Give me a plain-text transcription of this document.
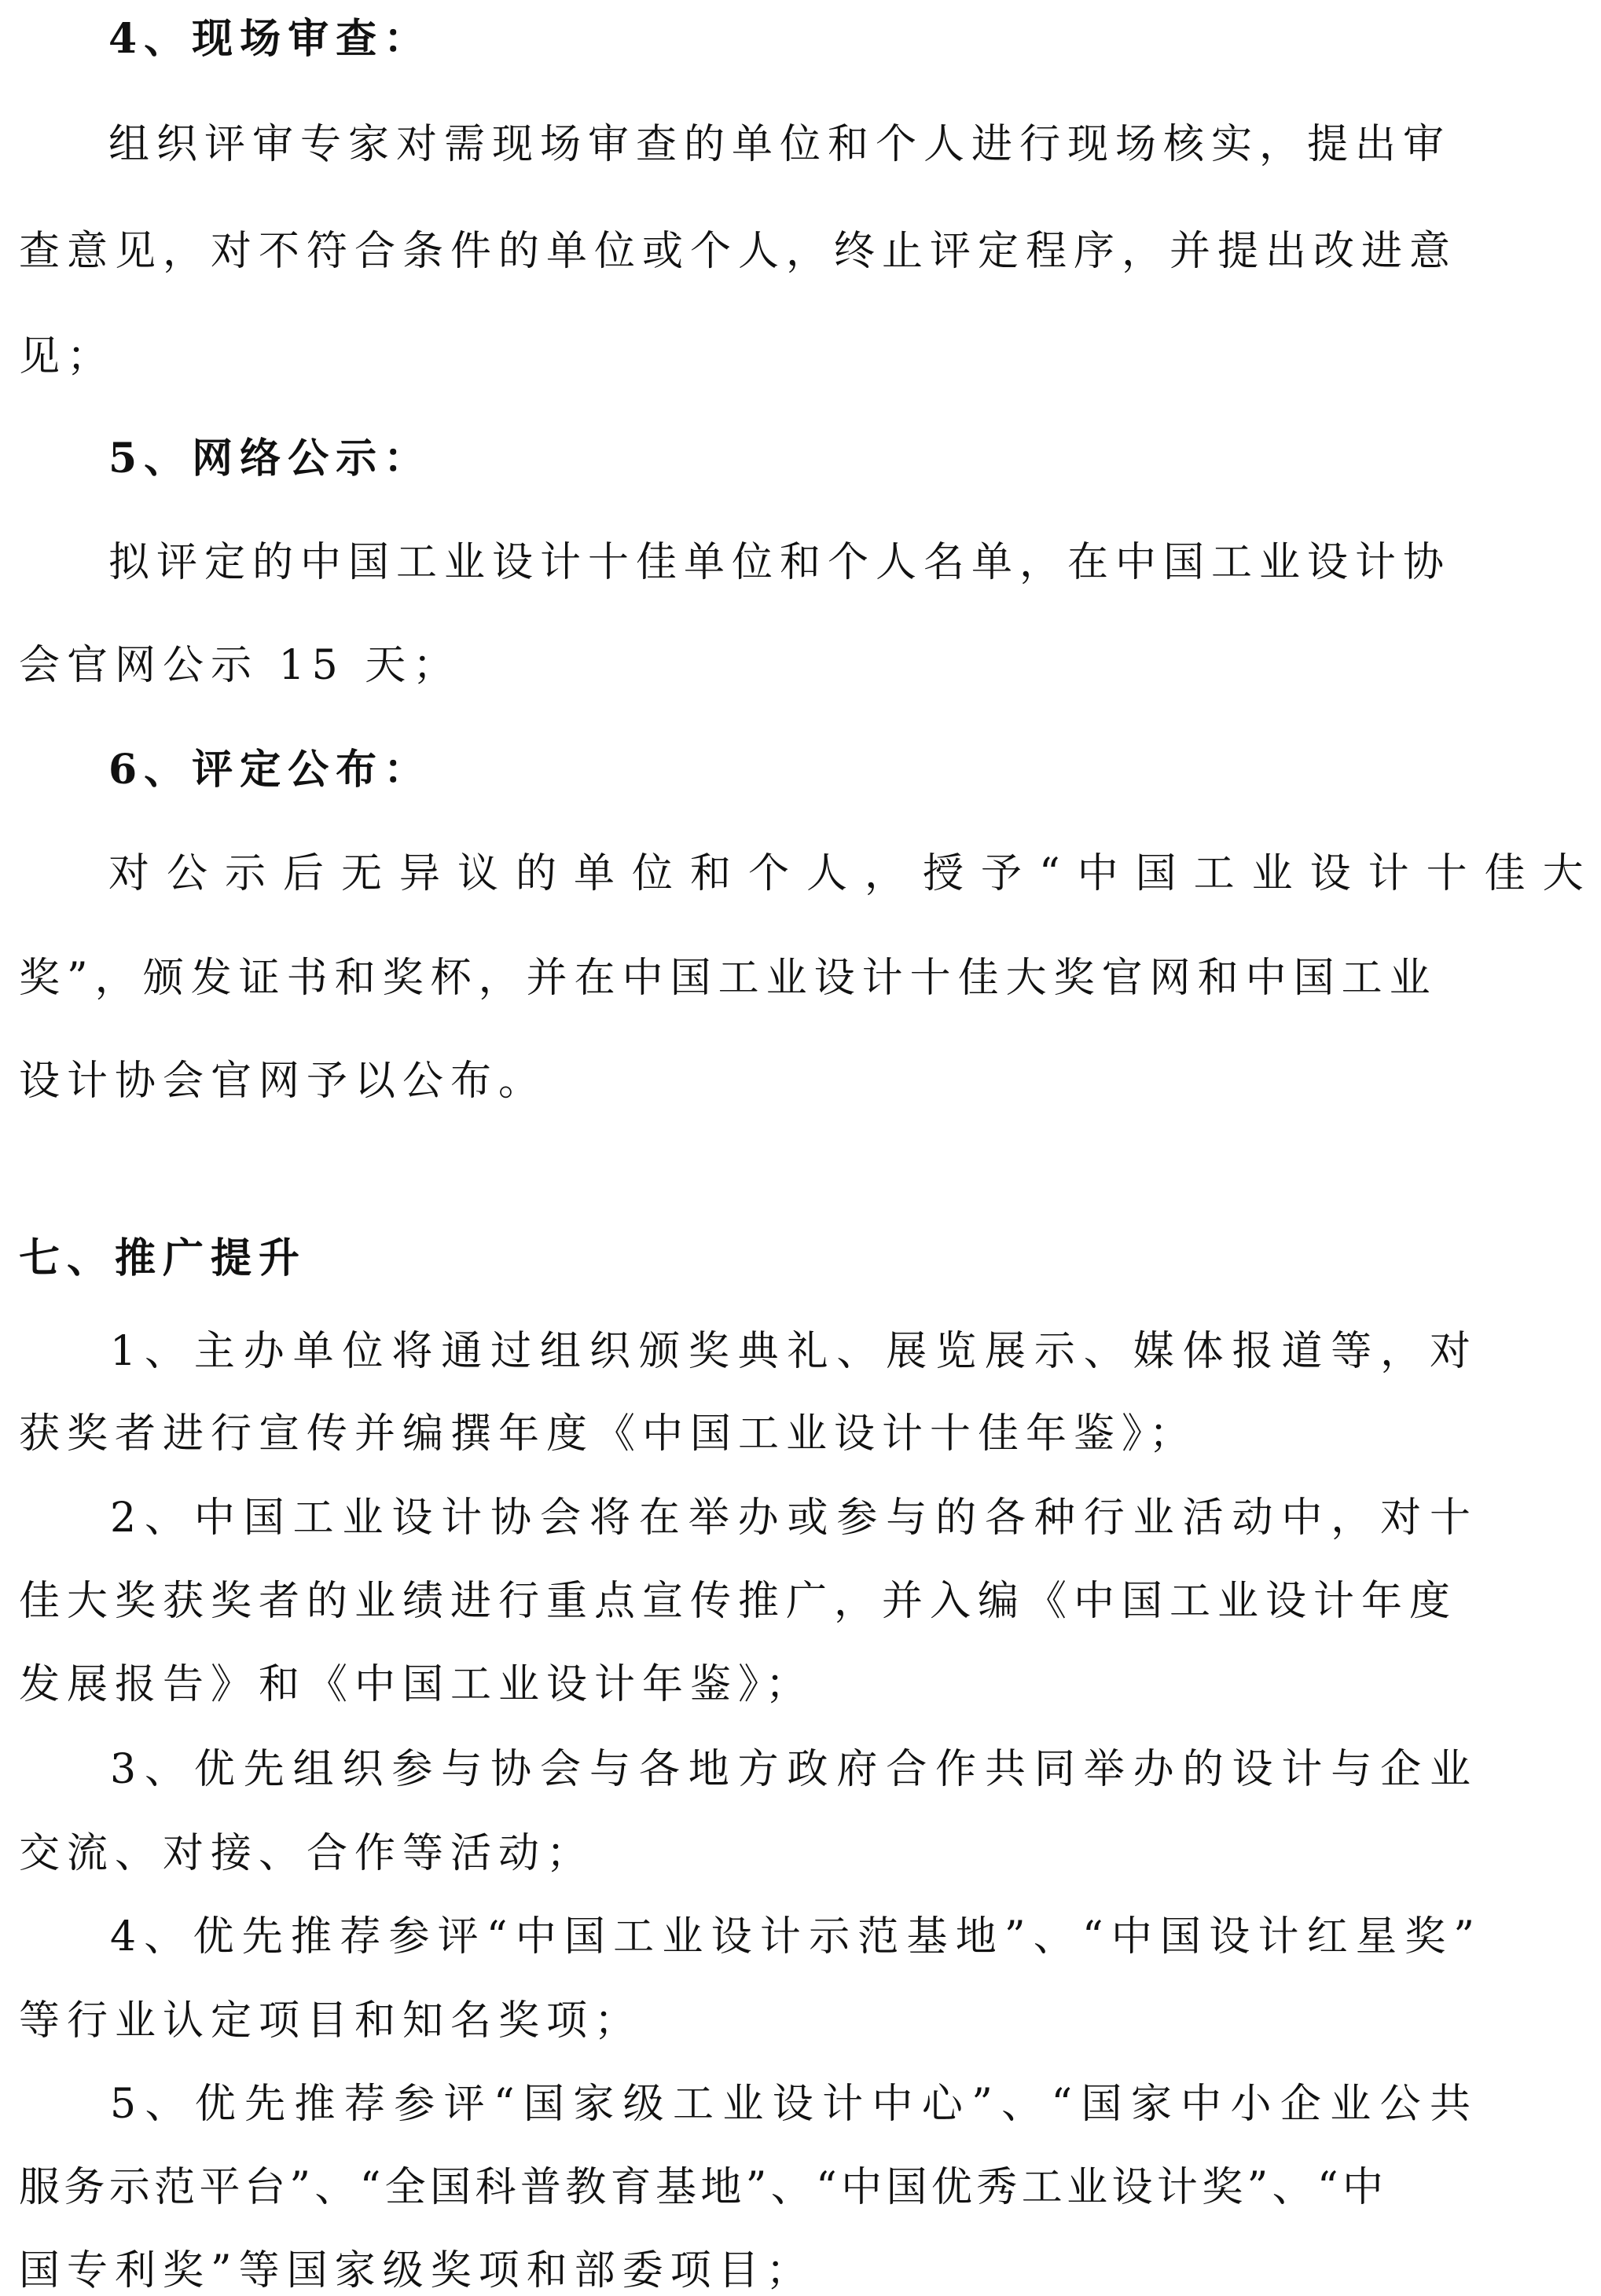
4、现场审查：
组织评审专家对需现场审查的单位和个人进行现场核实，提出审
查意见，对不符合条件的单位或个人，终止评定程序，并提出改进意
见；
5、网络公示：
拟评定的中国工业设计十佳单位和个人名单，在中国工业设计协
会官网公示 15 天；
6、评定公布：
对公示后无异议的单位和个人，授予“中国工业设计十佳大
奖”，颁发证书和奖杯，并在中国工业设计十佳大奖官网和中国工业
设计协会官网予以公布。
七、推广提升
1、主办单位将通过组织颁奖典礼、展览展示、媒体报道等，对
获奖者进行宣传并编撰年度《中国工业设计十佳年鉴》；
2、中国工业设计协会将在举办或参与的各种行业活动中，对十
佳大奖获奖者的业绩进行重点宣传推广，并入编《中国工业设计年度
发展报告》和《中国工业设计年鉴》；
3、优先组织参与协会与各地方政府合作共同举办的设计与企业
交流、对接、合作等活动；
4、优先推荐参评“中国工业设计示范基地”、“中国设计红星奖”
等行业认定项目和知名奖项；
5、优先推荐参评“国家级工业设计中心”、“国家中小企业公共
服务示范平台”、“全国科普教育基地”、“中国优秀工业设计奖”、“中
国专利奖”等国家级奖项和部委项目；
